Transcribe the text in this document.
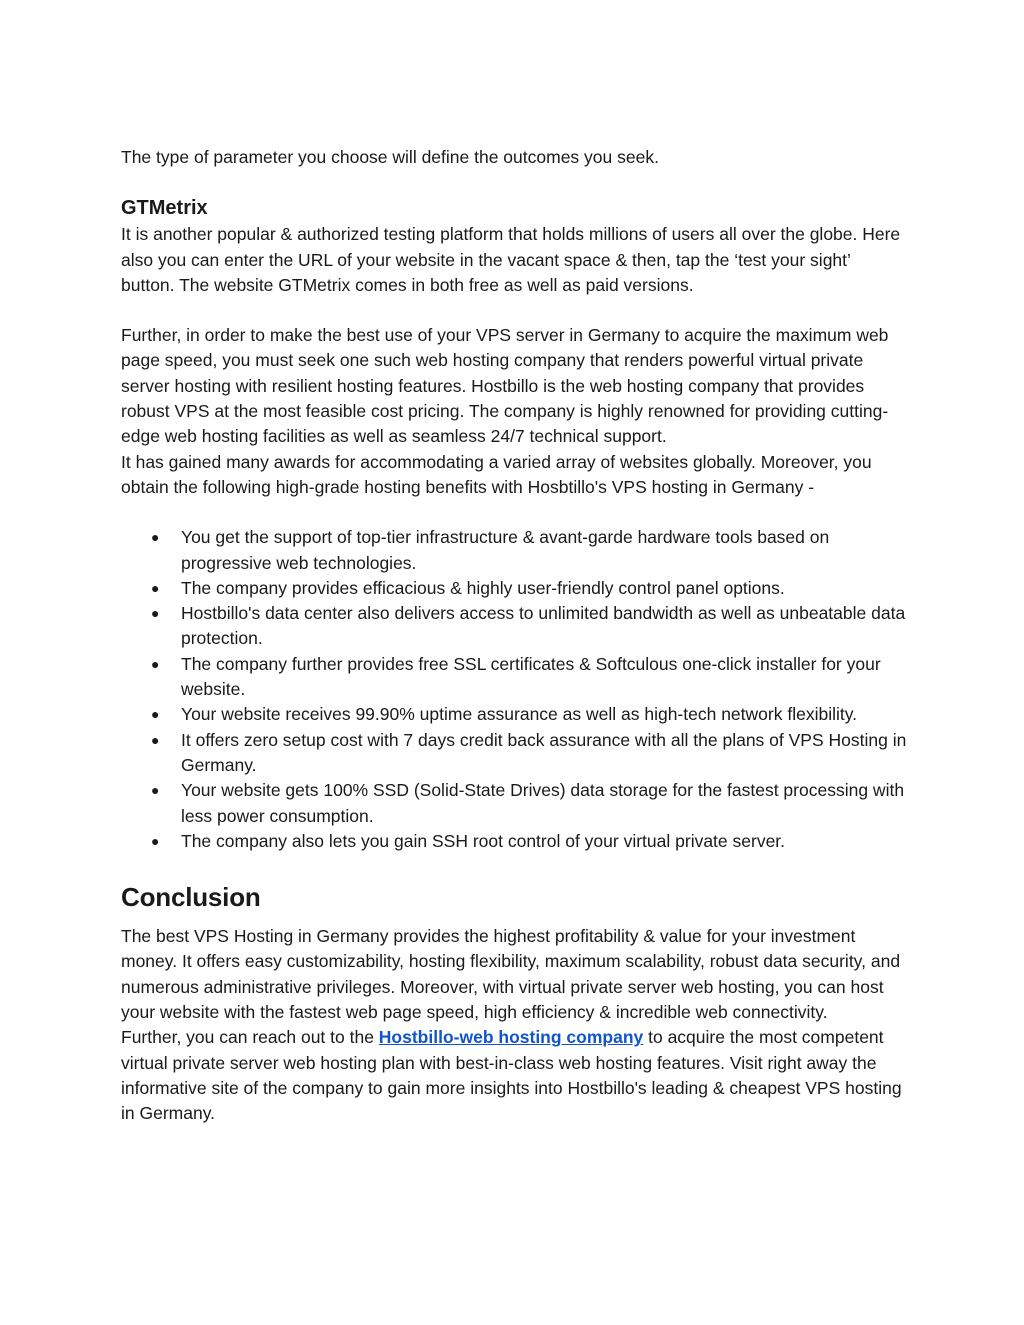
The type of parameter you choose will define the outcomes you seek.

GTMetrix

It is another popular & authorized testing platform that holds millions of users all over the globe. Here also you can enter the URL of your website in the vacant space & then, tap the ‘test your sight’ button. The website GTMetrix comes in both free as well as paid versions.

Further, in order to make the best use of your VPS server in Germany to acquire the maximum web page speed, you must seek one such web hosting company that renders powerful virtual private server hosting with resilient hosting features. Hostbillo is the web hosting company that provides robust VPS at the most feasible cost pricing. The company is highly renowned for providing cutting-edge web hosting facilities as well as seamless 24/7 technical support.

It has gained many awards for accommodating a varied array of websites globally. Moreover, you obtain the following high-grade hosting benefits with Hosbtillo's VPS hosting in Germany -

● You get the support of top-tier infrastructure & avant-garde hardware tools based on progressive web technologies.
● The company provides efficacious & highly user-friendly control panel options.
● Hostbillo's data center also delivers access to unlimited bandwidth as well as unbeatable data protection.
● The company further provides free SSL certificates & Softculous one-click installer for your website.
● Your website receives 99.90% uptime assurance as well as high-tech network flexibility.
● It offers zero setup cost with 7 days credit back assurance with all the plans of VPS Hosting in Germany.
● Your website gets 100% SSD (Solid-State Drives) data storage for the fastest processing with less power consumption.
● The company also lets you gain SSH root control of your virtual private server.
Conclusion

The best VPS Hosting in Germany provides the highest profitability & value for your investment money. It offers easy customizability, hosting flexibility, maximum scalability, robust data security, and numerous administrative privileges. Moreover, with virtual private server web hosting, you can host your website with the fastest web page speed, high efficiency & incredible web connectivity.

Further, you can reach out to the Hostbillo-web hosting company to acquire the most competent virtual private server web hosting plan with best-in-class web hosting features. Visit right away the informative site of the company to gain more insights into Hostbillo's leading & cheapest VPS hosting in Germany.
